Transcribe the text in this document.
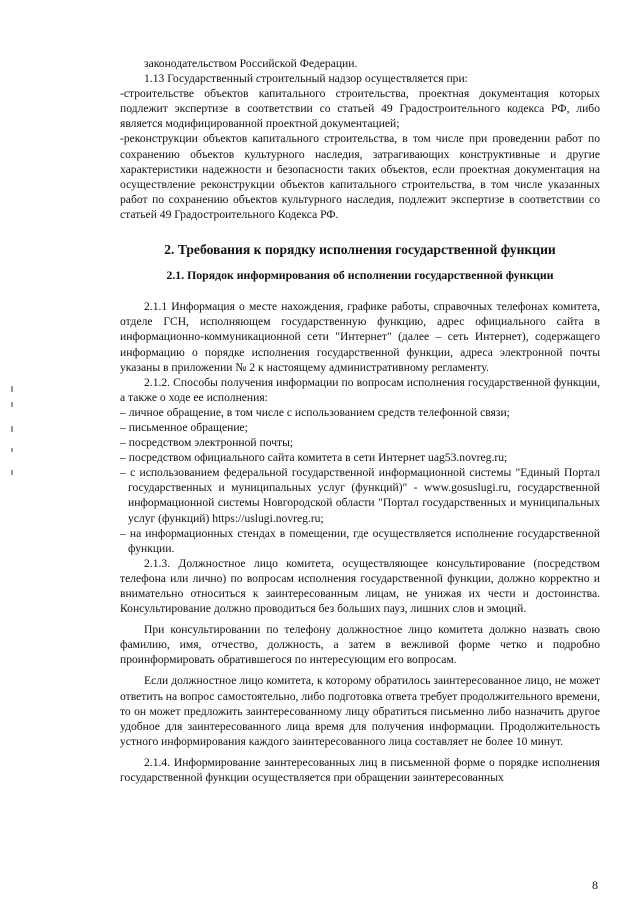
законодательством Российской Федерации.

1.13 Государственный строительный надзор осуществляется при:

-строительстве объектов капитального строительства, проектная документация которых подлежит экспертизе в соответствии со статьей 49 Градостроительного кодекса РФ, либо является модифицированной проектной документацией;

-реконструкции объектов капитального строительства, в том числе при проведении работ по сохранению объектов культурного наследия, затрагивающих конструктивные и другие характеристики надежности и безопасности таких объектов, если проектная документация на осуществление реконструкции объектов капитального строительства, в том числе указанных работ по сохранению объектов культурного наследия, подлежит экспертизе в соответствии со статьей 49 Градостроительного Кодекса РФ.

2. Требования к порядку исполнения государственной функции

2.1. Порядок информирования об исполнении государственной функции

2.1.1 Информация о месте нахождения, графике работы, справочных телефонах комитета, отделе ГСН, исполняющем государственную функцию, адрес официального сайта в информационно-коммуникационной сети "Интернет" (далее – сеть Интернет), содержащего информацию о порядке исполнения государственной функции, адреса электронной почты указаны в приложении № 2 к настоящему административному регламенту.

2.1.2. Способы получения информации по вопросам исполнения государственной функции, а также о ходе ее исполнения:

– личное обращение, в том числе с использованием средств телефонной связи;

– письменное обращение;

– посредством электронной почты;

– посредством официального сайта комитета в сети Интернет uag53.novreg.ru;

– с использованием федеральной государственной информационной системы "Единый Портал государственных и муниципальных услуг (функций)" - www.gosuslugi.ru, государственной информационной системы Новгородской области "Портал государственных и муниципальных услуг (функций) https://uslugi.novreg.ru;

– на информационных стендах в помещении, где осуществляется исполнение государственной функции.

2.1.3. Должностное лицо комитета, осуществляющее консультирование (посредством телефона или лично) по вопросам исполнения государственной функции, должно корректно и внимательно относиться к заинтересованным лицам, не унижая их чести и достоинства. Консультирование должно проводиться без больших пауз, лишних слов и эмоций.

При консультировании по телефону должностное лицо комитета должно назвать свою фамилию, имя, отчество, должность, а затем в вежливой форме четко и подробно проинформировать обратившегося по интересующим его вопросам.

Если должностное лицо комитета, к которому обратилось заинтересованное лицо, не может ответить на вопрос самостоятельно, либо подготовка ответа требует продолжительного времени, то он может предложить заинтересованному лицу обратиться письменно либо назначить другое удобное для заинтересованного лица время для получения информации. Продолжительность устного информирования каждого заинтересованного лица составляет не более 10 минут.

2.1.4. Информирование заинтересованных лиц в письменной форме о порядке исполнения государственной функции осуществляется при обращении заинтересованных

8
